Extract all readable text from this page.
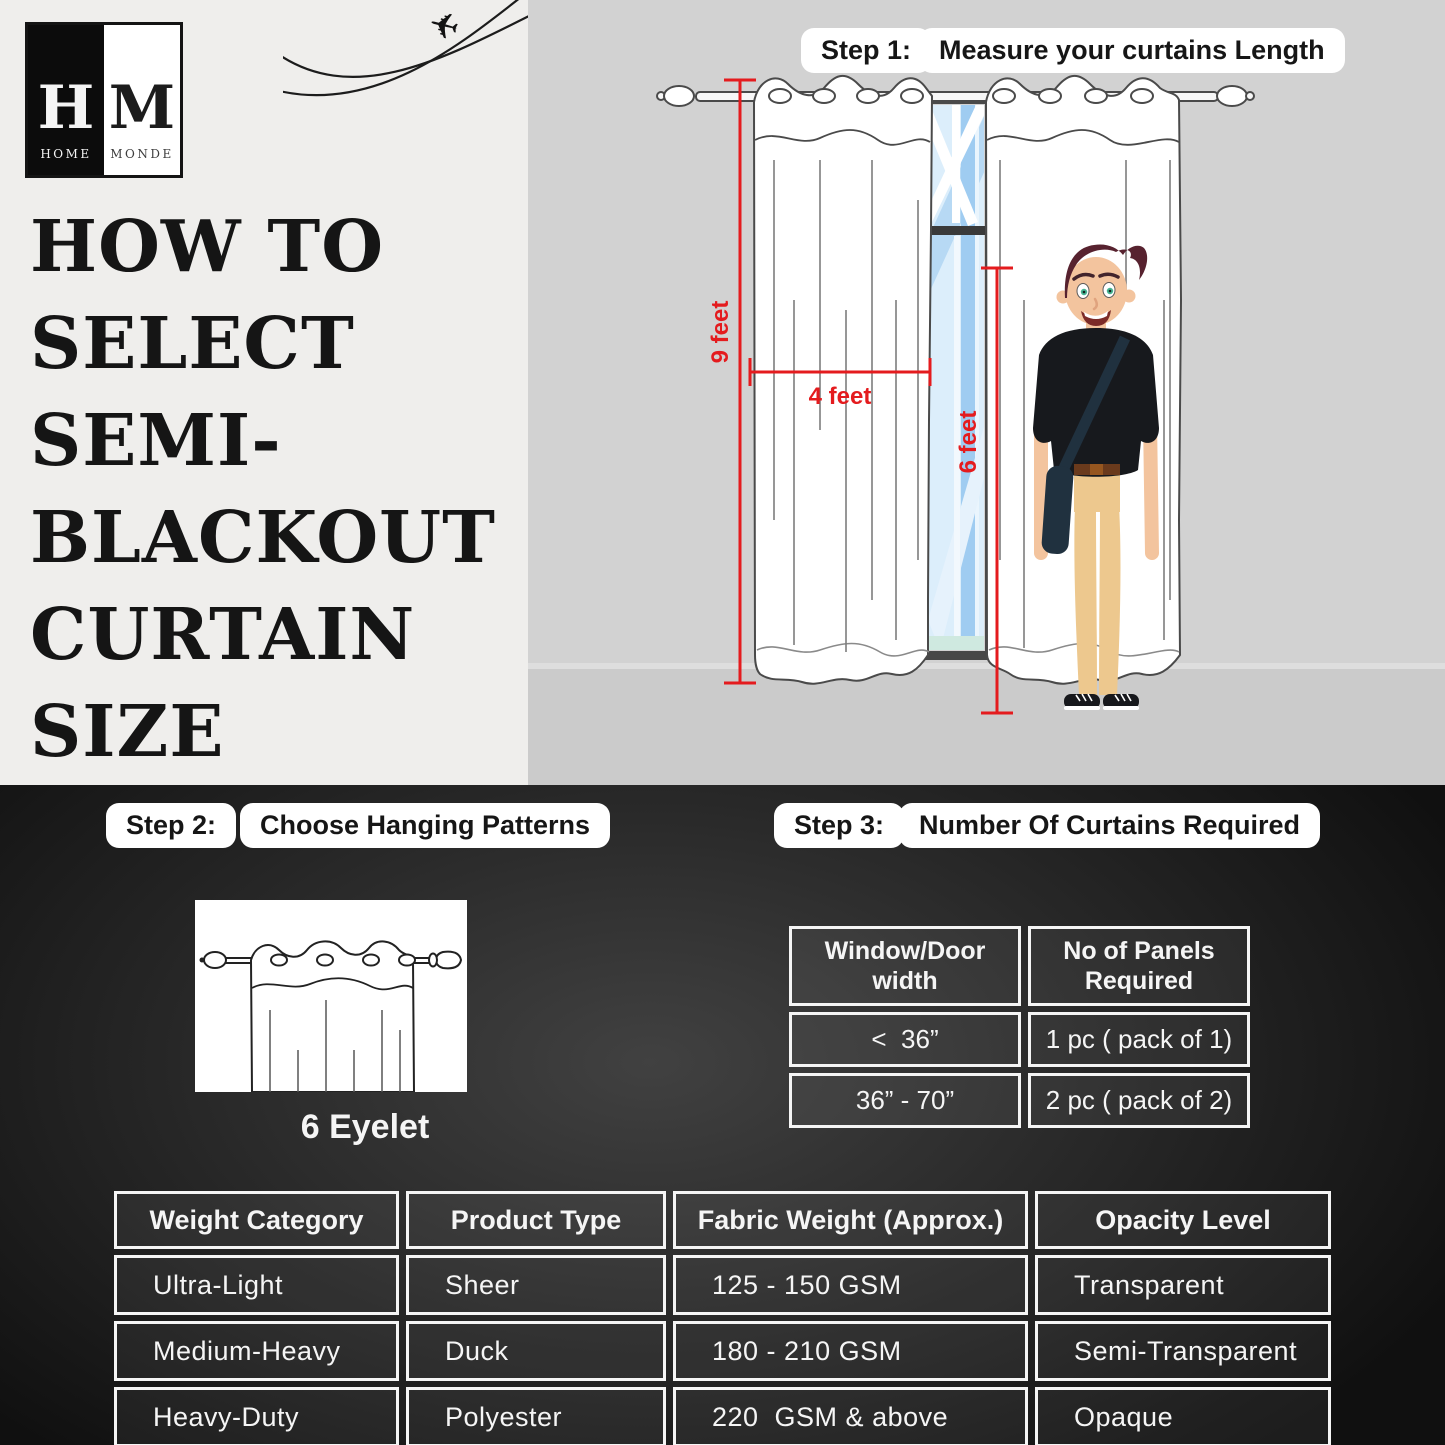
H
HOME
M
MONDE
✈
HOW TO
SELECT
SEMI-
BLACKOUT
CURTAIN
SIZE
9 feet
4 feet
6 feet
Step 1:	Measure your curtains Length
Step 2:	Choose Hanging Patterns	Step 3:	Number Of Curtains Required
6 Eyelet
Window/Door width	No of Panels Required
<  36”	1 pc ( pack of 1)
36” - 70”	2 pc ( pack of 2)
Weight Category	Product Type	Fabric Weight (Approx.)	Opacity Level
Ultra-Light	Sheer	125 - 150 GSM	Transparent
Medium-Heavy	Duck	180 - 210 GSM	Semi-Transparent
Heavy-Duty	Polyester	220  GSM & above	Opaque
